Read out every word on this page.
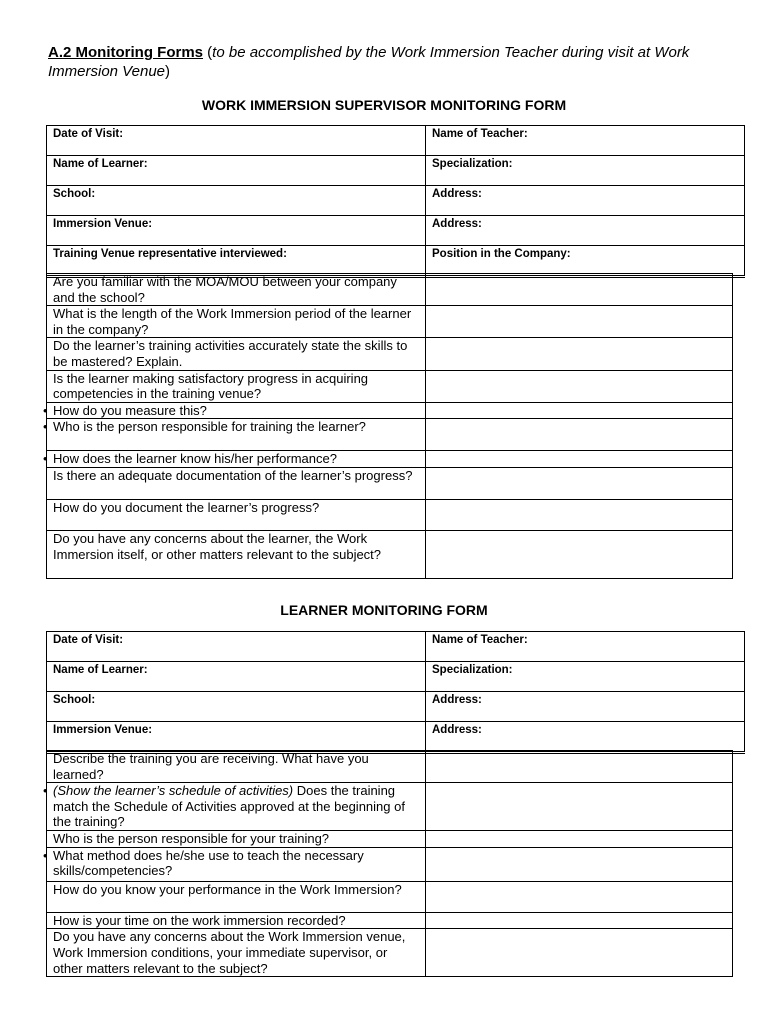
A.2 Monitoring Forms (to be accomplished by the Work Immersion Teacher during visit at Work Immersion Venue)
WORK IMMERSION SUPERVISOR MONITORING FORM
Date of Visit:	Name of Teacher:
Name of Learner:	Specialization:
School:	Address:
Immersion Venue:	Address:
Training Venue representative interviewed:	Position in the Company:
Are you familiar with the MOA/MOU between your company and the school?	
What is the length of the Work Immersion period of the learner in the company?	
Do the learner’s training activities accurately state the skills to be mastered? Explain.	
Is the learner making satisfactory progress in acquiring competencies in the training venue?	
• How do you measure this?	
• Who is the person responsible for training the learner?	
• How does the learner know his/her performance?	
Is there an adequate documentation of the learner’s progress?	
How do you document the learner’s progress?	
Do you have any concerns about the learner, the Work Immersion itself, or other matters relevant to the subject?	
LEARNER MONITORING FORM
Date of Visit:	Name of Teacher:
Name of Learner:	Specialization:
School:	Address:
Immersion Venue:	Address:
Describe the training you are receiving. What have you learned?	
• (Show the learner’s schedule of activities) Does the training match the Schedule of Activities approved at the beginning of the training?	
Who is the person responsible for your training?	
• What method does he/she use to teach the necessary skills/competencies?	
How do you know your performance in the Work Immersion?	
How is your time on the work immersion recorded?	
Do you have any concerns about the Work Immersion venue, Work Immersion conditions, your immediate supervisor, or other matters relevant to the subject?	
